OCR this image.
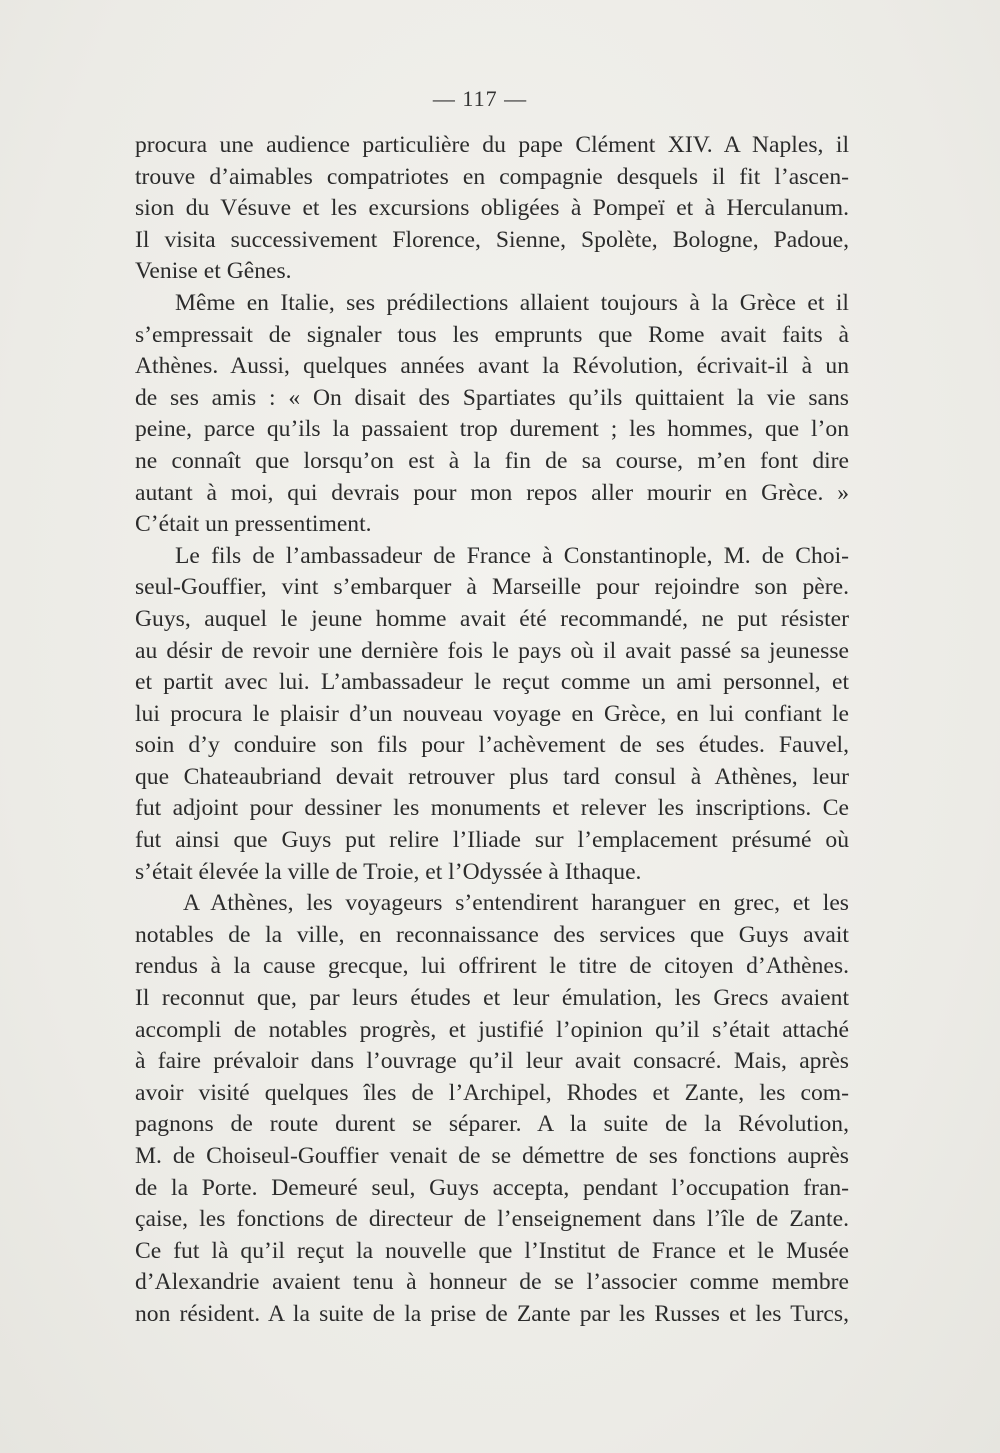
— 117 —
procura une audience particulière du pape Clément XIV. A Naples, il
trouve d’aimables compatriotes en compagnie desquels il fit l’ascen-
sion du Vésuve et les excursions obligées à Pompeï et à Herculanum.
Il visita successivement Florence, Sienne, Spolète, Bologne, Padoue,
Venise et Gênes.
Même en Italie, ses prédilections allaient toujours à la Grèce et il
s’empressait de signaler tous les emprunts que Rome avait faits à
Athènes. Aussi, quelques années avant la Révolution, écrivait-il à un
de ses amis : « On disait des Spartiates qu’ils quittaient la vie sans
peine, parce qu’ils la passaient trop durement ; les hommes, que l’on
ne connaît que lorsqu’on est à la fin de sa course, m’en font dire
autant à moi, qui devrais pour mon repos aller mourir en Grèce. »
C’était un pressentiment.
Le fils de l’ambassadeur de France à Constantinople, M. de Choi-
seul-Gouffier, vint s’embarquer à Marseille pour rejoindre son père.
Guys, auquel le jeune homme avait été recommandé, ne put résister
au désir de revoir une dernière fois le pays où il avait passé sa jeunesse
et partit avec lui. L’ambassadeur le reçut comme un ami personnel, et
lui procura le plaisir d’un nouveau voyage en Grèce, en lui confiant le
soin d’y conduire son fils pour l’achèvement de ses études. Fauvel,
que Chateaubriand devait retrouver plus tard consul à Athènes, leur
fut adjoint pour dessiner les monuments et relever les inscriptions. Ce
fut ainsi que Guys put relire l’Iliade sur l’emplacement présumé où
s’était élevée la ville de Troie, et l’Odyssée à Ithaque.
A Athènes, les voyageurs s’entendirent haranguer en grec, et les
notables de la ville, en reconnaissance des services que Guys avait
rendus à la cause grecque, lui offrirent le titre de citoyen d’Athènes.
Il reconnut que, par leurs études et leur émulation, les Grecs avaient
accompli de notables progrès, et justifié l’opinion qu’il s’était attaché
à faire prévaloir dans l’ouvrage qu’il leur avait consacré. Mais, après
avoir visité quelques îles de l’Archipel, Rhodes et Zante, les com-
pagnons de route durent se séparer. A la suite de la Révolution,
M. de Choiseul-Gouffier venait de se démettre de ses fonctions auprès
de la Porte. Demeuré seul, Guys accepta, pendant l’occupation fran-
çaise, les fonctions de directeur de l’enseignement dans l’île de Zante.
Ce fut là qu’il reçut la nouvelle que l’Institut de France et le Musée
d’Alexandrie avaient tenu à honneur de se l’associer comme membre
non résident. A la suite de la prise de Zante par les Russes et les Turcs,
